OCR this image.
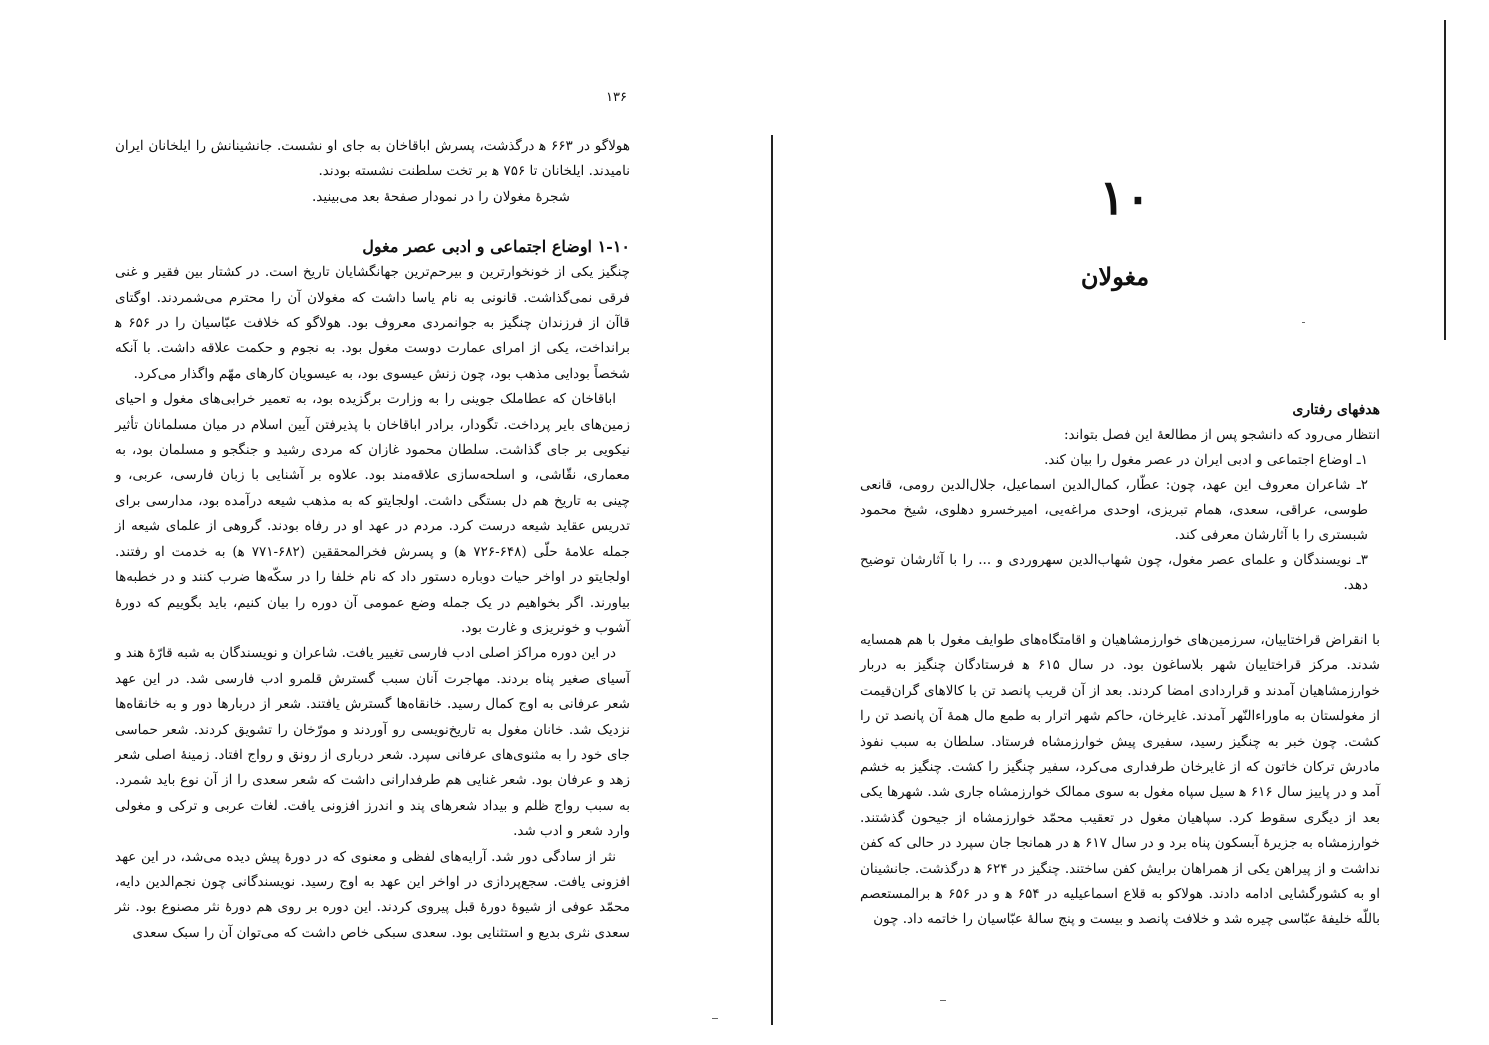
۱۳۶

هولاگو در ۶۶۳ ﻫ درگذشت، پسرش اباقاخان به جای او نشست. جانشینانش را ایلخانان ایران نامیدند. ایلخانان تا ۷۵۶ ﻫ بر تخت سلطنت نشسته بودند.

شجرهٔ مغولان را در نمودار صفحهٔ بعد می‌بینید.

۱-۱۰ اوضاع اجتماعی و ادبی عصر مغول

چنگیز یکی از خونخوارترین و بیرحم‌ترین جهانگشایان تاریخ است. در کشتار بین فقیر و غنی فرقی نمی‌گذاشت. قانونی به نام یاسا داشت که مغولان آن را محترم می‌شمردند. اوگتای قاآن از فرزندان چنگیز به جوانمردی معروف بود. هولاگو که خلافت عبّاسیان را در ۶۵۶ ﻫ برانداخت، یکی از امرای عمارت دوست مغول بود. به نجوم و حکمت علاقه داشت. با آنکه شخصاً بودایی مذهب بود، چون زنش عیسوی بود، به عیسویان کارهای مهّم واگذار می‌کرد.

اباقاخان که عطاملک جوینی را به وزارت برگزیده بود، به تعمیر خرابی‌های مغول و احیای زمین‌های بایر پرداخت. تگودار، برادر اباقاخان با پذیرفتن آیین اسلام در میان مسلمانان تأثیر نیکویی بر جای گذاشت. سلطان محمود غازان که مردی رشید و جنگجو و مسلمان بود، به معماری، نقّاشی، و اسلحه‌سازی علاقه‌مند بود. علاوه بر آشنایی با زبان فارسی، عربی، و چینی به تاریخ هم دل بستگی داشت. اولجایتو که به مذهب شیعه درآمده بود، مدارسی برای تدریس عقاید شیعه درست کرد. مردم در عهد او در رفاه بودند. گروهی از علمای شیعه از جمله علامهٔ حلّی (۶۴۸-۷۲۶ ﻫ) و پسرش فخرالمحققین (۶۸۲-۷۷۱ ﻫ) به خدمت او رفتند. اولجایتو در اواخر حیات دوباره دستور داد که نام خلفا را در سکّه‌ها ضرب کنند و در خطبه‌ها بیاورند. اگر بخواهیم در یک جمله وضع عمومی آن دوره را بیان کنیم، باید بگوییم که دورهٔ آشوب و خونریزی و غارت بود.

در این دوره مراکز اصلی ادب فارسی تغییر یافت. شاعران و نویسندگان به شبه قارّهٔ هند و آسیای صغیر پناه بردند. مهاجرت آنان سبب گسترش قلمرو ادب فارسی شد. در این عهد شعر عرفانی به اوج کمال رسید. خانقاه‌ها گسترش یافتند. شعر از دربارها دور و به خانقاه‌ها نزدیک شد. خانان مغول به تاریخ‌نویسی رو آوردند و مورّخان را تشویق کردند. شعر حماسی جای خود را به مثنوی‌های عرفانی سپرد. شعر درباری از رونق و رواج افتاد. زمینهٔ اصلی شعر زهد و عرفان بود. شعر غنایی هم طرفدارانی داشت که شعر سعدی را از آن نوع باید شمرد. به سبب رواج ظلم و بیداد شعرهای پند و اندرز افزونی یافت. لغات عربی و ترکی و مغولی وارد شعر و ادب شد.

نثر از سادگی دور شد. آرایه‌های لفظی و معنوی که در دورهٔ پیش دیده می‌شد، در این عهد افزونی یافت. سجع‌پردازی در اواخر این عهد به اوج رسید. نویسندگانی چون نجم‌الدین دایه، محمّد عوفی از شیوهٔ دورهٔ قبل پیروی کردند. این دوره بر روی هم دورهٔ نثر مصنوع بود. نثر سعدی نثری بدیع و استثنایی بود. سعدی سبکی خاص داشت که می‌توان آن را سبک سعدی

۱۰
مغولان

هدفهای رفتاری

انتظار می‌رود که دانشجو پس از مطالعهٔ این فصل بتواند:

۱ـ اوضاع اجتماعی و ادبی ایران در عصر مغول را بیان کند.

۲ـ شاعران معروف این عهد، چون: عطّار، کمال‌الدین اسماعیل، جلال‌الدین رومی، قانعی طوسی، عراقی، سعدی، همام تبریزی، اوحدی مراغه‌یی، امیرخسرو دهلوی، شیخ محمود شبستری را با آثارشان معرفی کند.

۳ـ نویسندگان و علمای عصر مغول، چون شهاب‌الدین سهروردی و ... را با آثارشان توضیح دهد.

با انقراض قراختاییان، سرزمین‌های خوارزمشاهیان و اقامتگاه‌های طوایف مغول با هم همسایه شدند. مرکز قراختاییان شهر بلاساغون بود. در سال ۶۱۵ ﻫ فرستادگان چنگیز به دربار خوارزمشاهیان آمدند و قراردادی امضا کردند. بعد از آن قریب پانصد تن با کالاهای گران‌قیمت از مغولستان به ماوراءالنّهر آمدند. غایرخان، حاکم شهر اترار به طمع مال همهٔ آن پانصد تن را کشت. چون خبر به چنگیز رسید، سفیری پیش خوارزمشاه فرستاد. سلطان به سبب نفوذ مادرش ترکان خاتون که از غایرخان طرفداری می‌کرد، سفیر چنگیز را کشت. چنگیز به خشم آمد و در پاییز سال ۶۱۶ ﻫ سیل سپاه مغول به سوی ممالک خوارزمشاه جاری شد. شهرها یکی بعد از دیگری سقوط کرد. سپاهیان مغول در تعقیب محمّد خوارزمشاه از جیحون گذشتند. خوارزمشاه به جزیرهٔ آبسکون پناه برد و در سال ۶۱۷ ﻫ در همانجا جان سپرد در حالی که کفن نداشت و از پیراهن یکی از همراهان برایش کفن ساختند. چنگیز در ۶۲۴ ﻫ درگذشت. جانشینان او به کشورگشایی ادامه دادند. هولاکو به قلاع اسماعیلیه در ۶۵۴ ﻫ و در ۶۵۶ ﻫ برالمستعصم باللّه خلیفهٔ عبّاسی چیره شد و خلافت پانصد و بیست و پنج سالهٔ عبّاسیان را خاتمه داد. چون
